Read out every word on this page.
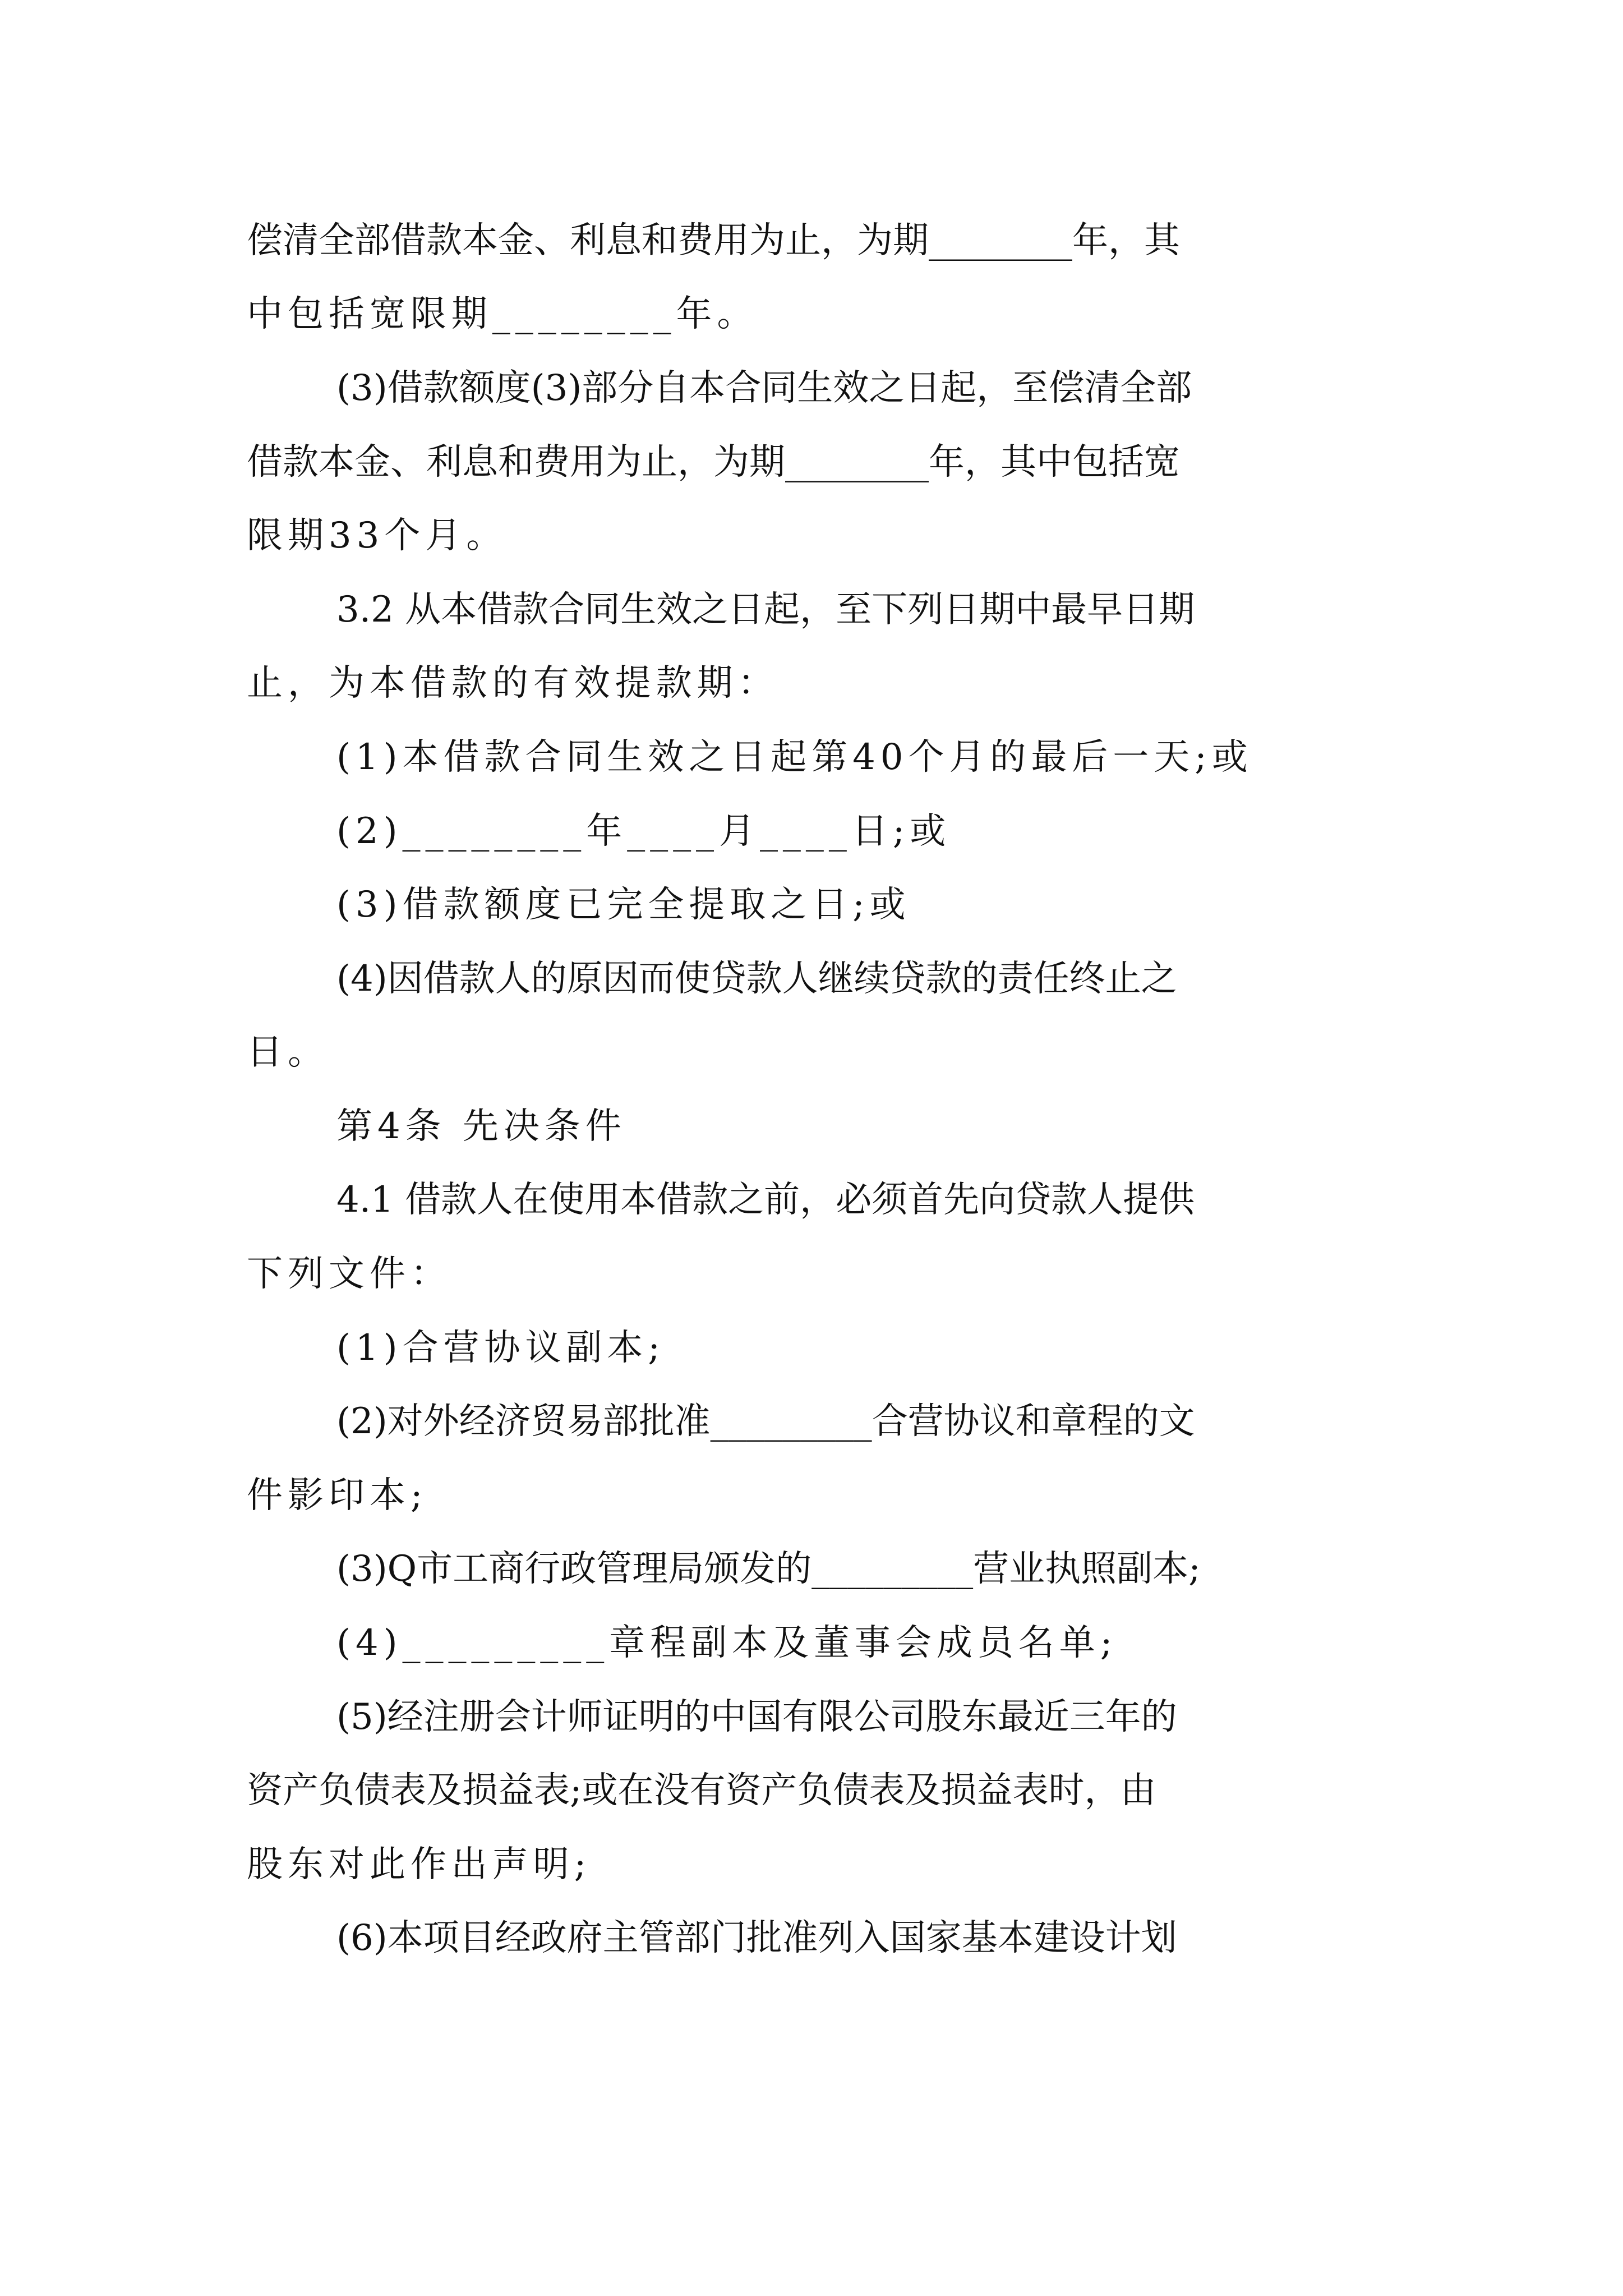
偿清全部借款本金、利息和费用为止，为期________年，其
中包括宽限期________年。
(3)借款额度(3)部分自本合同生效之日起，至偿清全部
借款本金、利息和费用为止，为期________年，其中包括宽
限期33个月。
3.2 从本借款合同生效之日起，至下列日期中最早日期
止，为本借款的有效提款期：
(1)本借款合同生效之日起第40个月的最后一天;或
(2)________年____月____日;或
(3)借款额度已完全提取之日;或
(4)因借款人的原因而使贷款人继续贷款的责任终止之
日。
第4条 先决条件
4.1 借款人在使用本借款之前，必须首先向贷款人提供
下列文件：
(1)合营协议副本;
(2)对外经济贸易部批准_________合营协议和章程的文
件影印本;
(3)Q市工商行政管理局颁发的_________营业执照副本;
(4)_________章程副本及董事会成员名单;
(5)经注册会计师证明的中国有限公司股东最近三年的
资产负债表及损益表;或在没有资产负债表及损益表时，由
股东对此作出声明;
(6)本项目经政府主管部门批准列入国家基本建设计划
